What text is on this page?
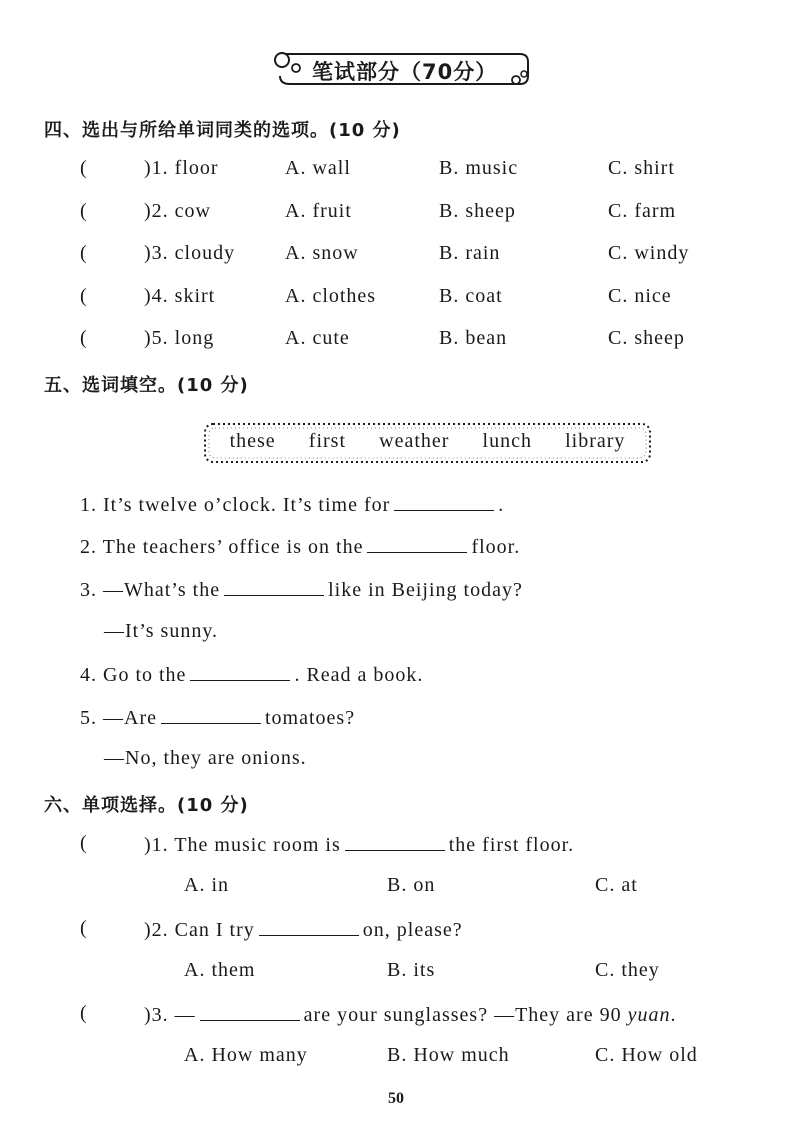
笔试部分（70分）
四、选出与所给单词同类的选项。(10 分)
(	)1. floor	A. wall	B. music	C. shirt
(	)2. cow	A. fruit	B. sheep	C. farm
(	)3. cloudy A. snow	B. rain	C. windy
(	)4. skirt	A. clothes	B. coat	C. nice
(	)5. long	A. cute	B. bean	C. sheep
五、选词填空。(10 分)
these first weather lunch library
1. It’s twelve o’clock. It’s time for	.
2. The teachers’ office is on the	floor.
3. —What’s the	like in Beijing today?
—It’s sunny.
4. Go to the	. Read a book.
5. —Are	tomatoes?
—No, they are onions.
六、单项选择。(10 分)
(	)1. The music room is	the first floor.
A. in	B. on	C. at
(	)2. Can I try	on, please?
A. them	B. its	C. they
(	)3. —	are your sunglasses? —They are 90 yuan.
A. How many	B. How much	C. How old
50
